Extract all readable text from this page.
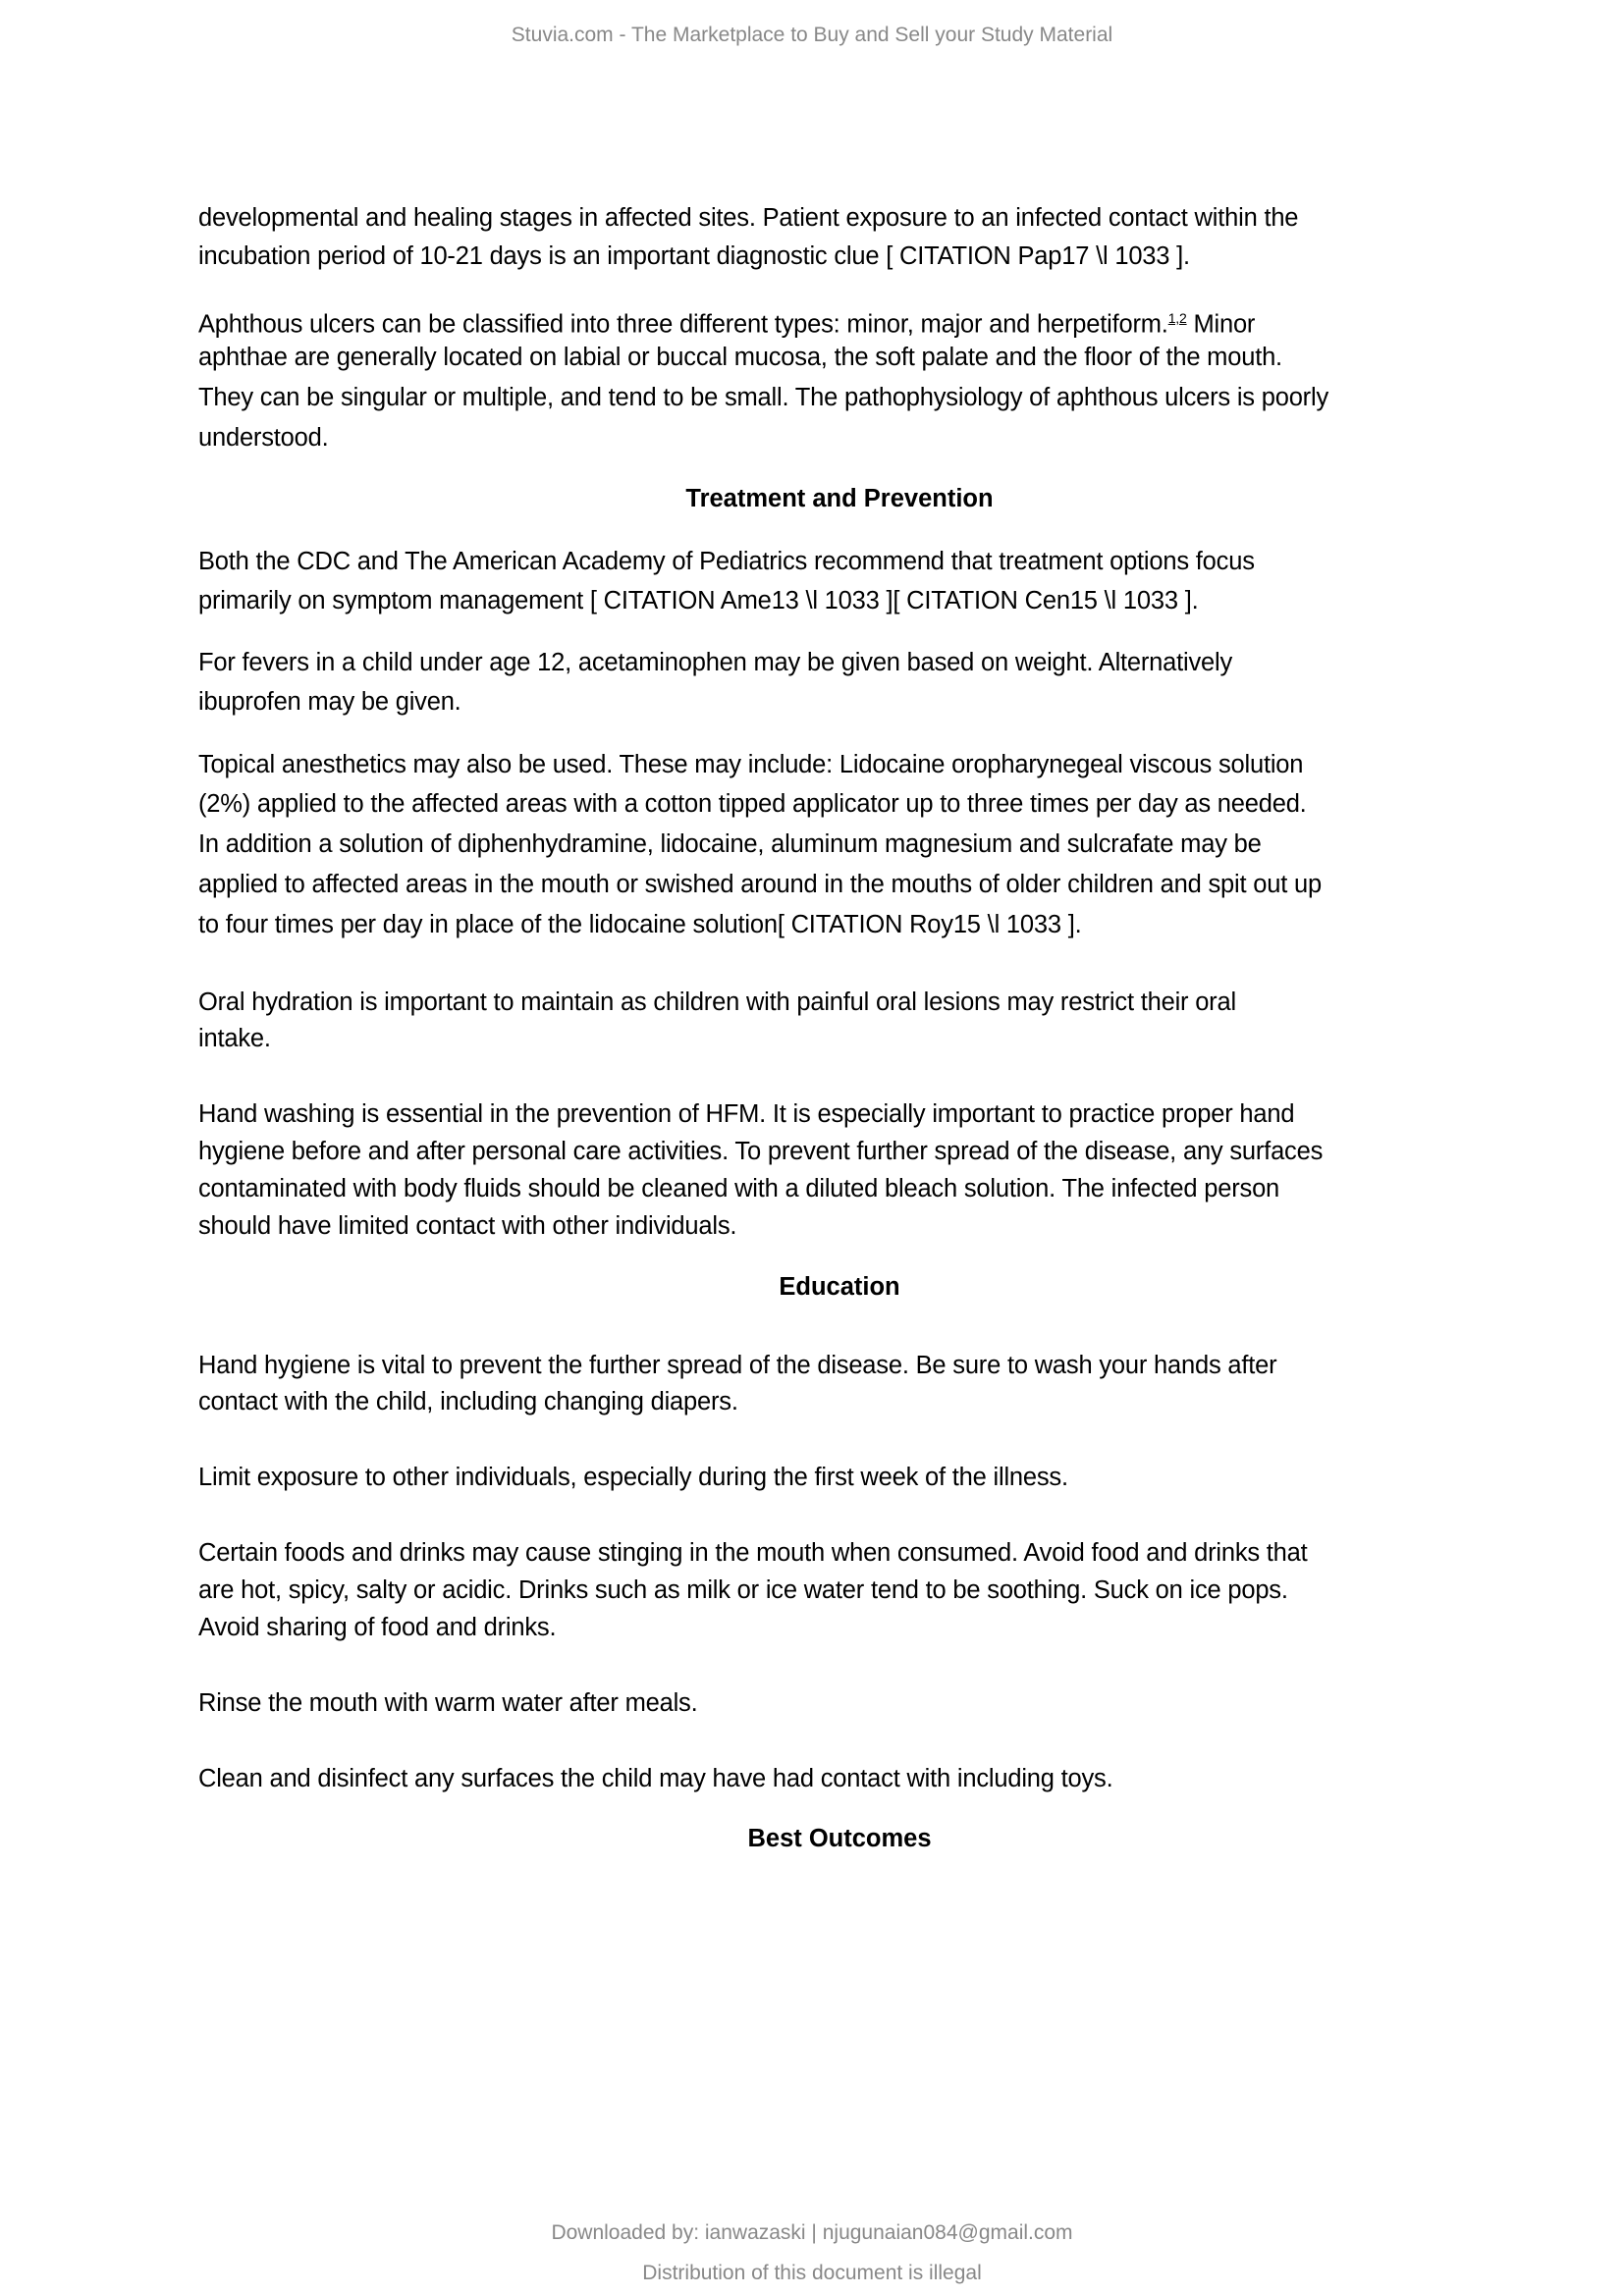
Stuvia.com - The Marketplace to Buy and Sell your Study Material
developmental and healing stages in affected sites. Patient exposure to an infected contact within the
incubation period of 10-21 days is an important diagnostic clue [ CITATION Pap17 \l 1033 ].
Aphthous ulcers can be classified into three different types: minor, major and herpetiform.$^{1,2}$ Minor
aphthae are generally located on labial or buccal mucosa, the soft palate and the floor of the mouth.
They can be singular or multiple, and tend to be small. The pathophysiology of aphthous ulcers is poorly
understood.
Both the CDC and The American Academy of Pediatrics recommend that treatment options focus
primarily on symptom management [ CITATION Ame13 \l 1033 ][ CITATION Cen15 \l 1033 ].
For fevers in a child under age 12, acetaminophen may be given based on weight. Alternatively
ibuprofen may be given.
Topical anesthetics may also be used. These may include: Lidocaine oropharynegeal viscous solution
(2%) applied to the affected areas with a cotton tipped applicator up to three times per day as needed.
In addition a solution of diphenhydramine, lidocaine, aluminum magnesium and sulcrafate may be
applied to affected areas in the mouth or swished around in the mouths of older children and spit out up
to four times per day in place of the lidocaine solution[ CITATION Roy15 \l 1033 ].
Oral hydration is important to maintain as children with painful oral lesions may restrict their oral
intake.
Hand washing is essential in the prevention of HFM. It is especially important to practice proper hand
hygiene before and after personal care activities. To prevent further spread of the disease, any surfaces
contaminated with body fluids should be cleaned with a diluted bleach solution. The infected person
should have limited contact with other individuals.
Hand hygiene is vital to prevent the further spread of the disease. Be sure to wash your hands after
contact with the child, including changing diapers.
Limit exposure to other individuals, especially during the first week of the illness.
Certain foods and drinks may cause stinging in the mouth when consumed. Avoid food and drinks that
are hot, spicy, salty or acidic. Drinks such as milk or ice water tend to be soothing. Suck on ice pops.
Avoid sharing of food and drinks.
Rinse the mouth with warm water after meals.
Clean and disinfect any surfaces the child may have had contact with including toys.
Treatment and Prevention
Education
Best Outcomes
Downloaded by: ianwazaski | njugunaian084@gmail.com
Distribution of this document is illegal
